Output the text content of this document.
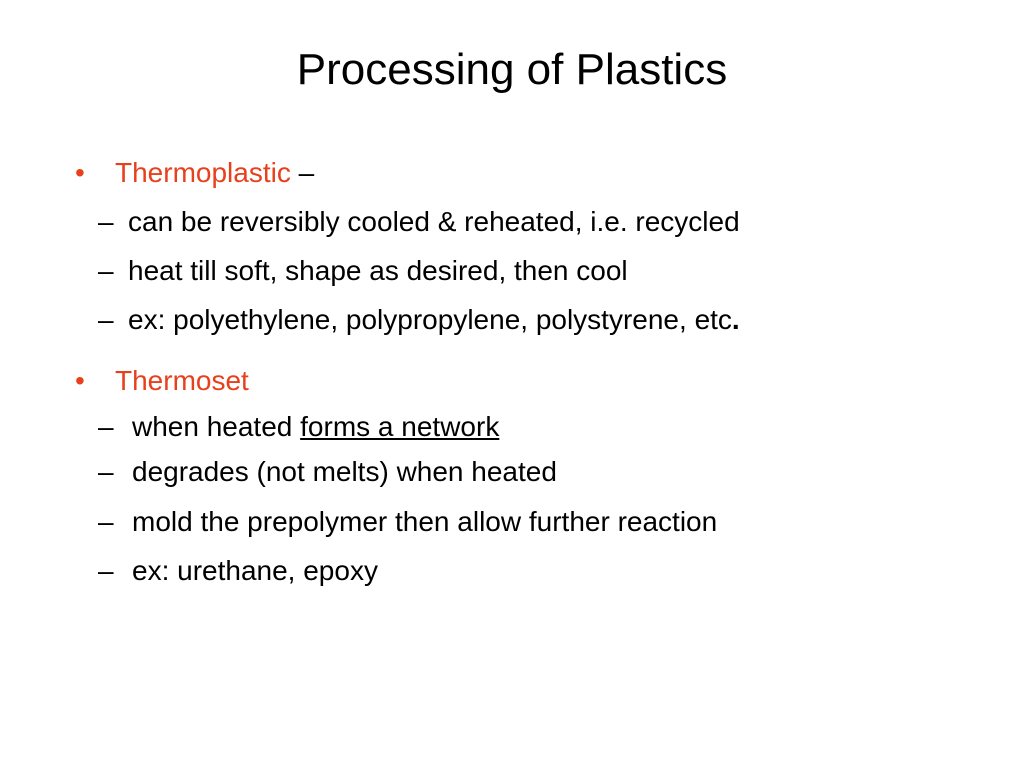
Processing of Plastics
• Thermoplastic –
– can be reversibly cooled & reheated, i.e. recycled
– heat till soft, shape as desired, then cool
– ex: polyethylene, polypropylene, polystyrene, etc.
• Thermoset
– when heated forms a network
– degrades (not melts) when heated
– mold the prepolymer then allow further reaction
– ex: urethane, epoxy
